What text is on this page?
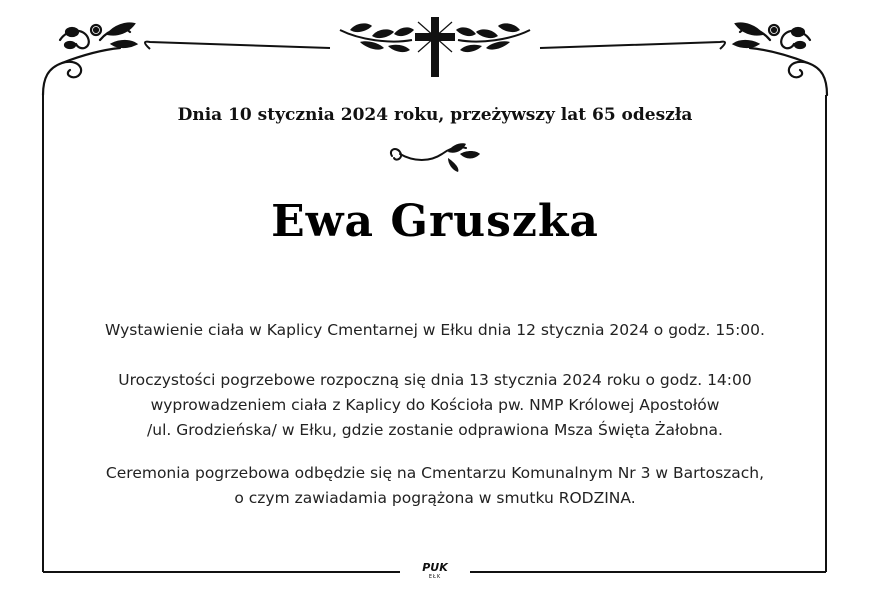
Dnia 10 stycznia 2024 roku, przeżywszy lat 65 odeszła
Ewa Gruszka
Wystawienie ciała w Kaplicy Cmentarnej w Ełku dnia 12 stycznia 2024 o godz. 15:00.
Uroczystości pogrzebowe rozpoczną się dnia 13 stycznia 2024 roku o godz. 14:00
wyprowadzeniem ciała z Kaplicy do Kościoła pw. NMP Królowej Apostołów
/ul. Grodzieńska/ w Ełku, gdzie zostanie odprawiona Msza Święta Żałobna.
Ceremonia pogrzebowa odbędzie się na Cmentarzu Komunalnym Nr 3 w Bartoszach,
o czym zawiadamia pogrążona w smutku RODZINA.
PUK
EŁK
